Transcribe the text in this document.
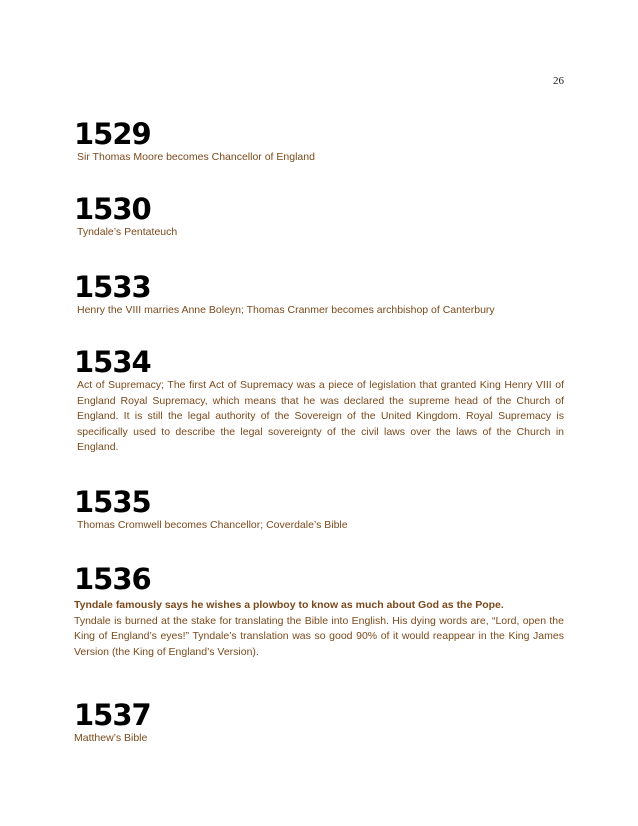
26
1529
Sir Thomas Moore becomes Chancellor of England
1530
Tyndale’s Pentateuch
1533
Henry the VIII marries Anne Boleyn; Thomas Cranmer becomes archbishop of Canterbury
1534
Act of Supremacy; The first Act of Supremacy was a piece of legislation that granted King Henry VIII of England Royal Supremacy, which means that he was declared the supreme head of the Church of England. It is still the legal authority of the Sovereign of the United Kingdom. Royal Supremacy is specifically used to describe the legal sovereignty of the civil laws over the laws of the Church in England.
1535
Thomas Cromwell becomes Chancellor; Coverdale’s Bible
1536
Tyndale famously says he wishes a plowboy to know as much about God as the Pope.
Tyndale is burned at the stake for translating the Bible into English. His dying words are, “Lord, open the King of England’s eyes!” Tyndale’s translation was so good 90% of it would reappear in the King James Version (the King of England’s Version).
1537
Matthew’s Bible
